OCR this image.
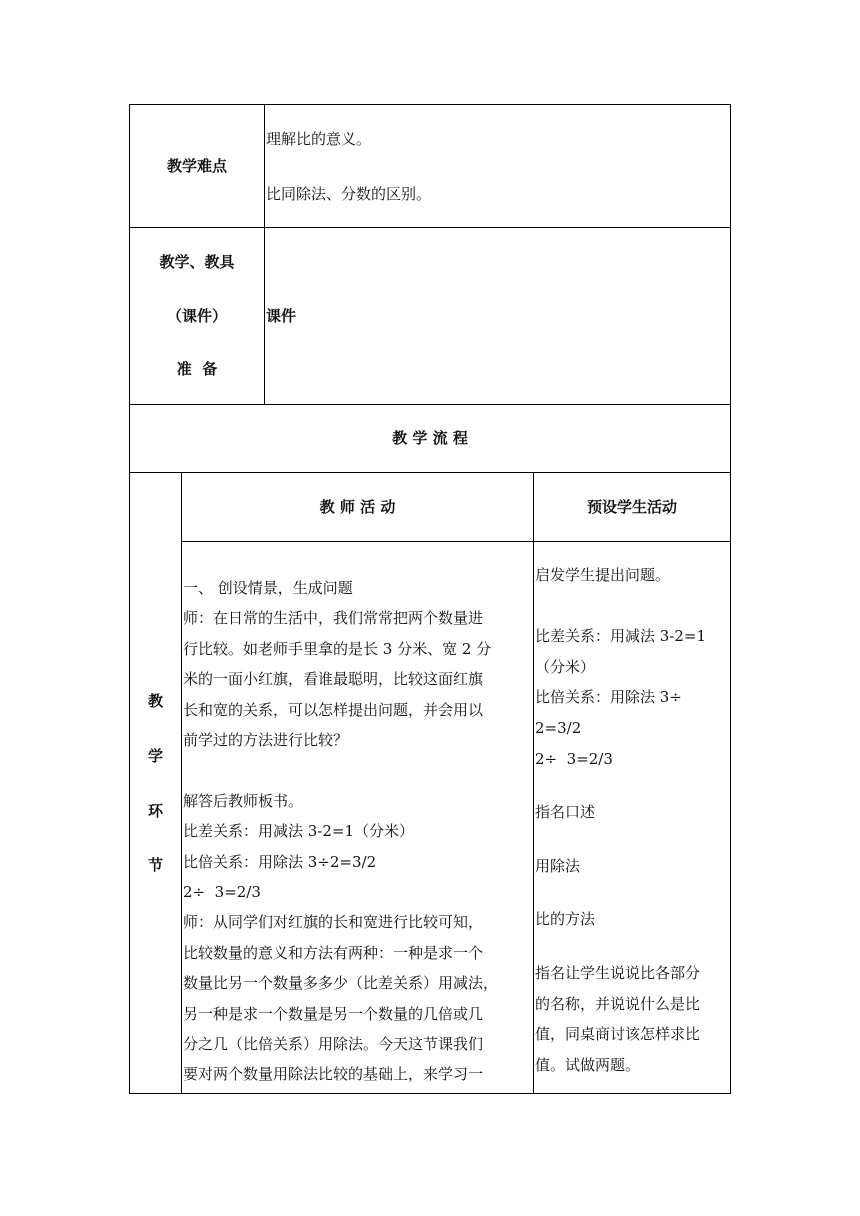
教学难点
理解比的意义。
比同除法、分数的区别。
教学、教具
（课件）
准  备
课件
教 学 流 程
教
学
环
节
教 师 活 动	预设学生活动
一、 创设情景，生成问题
师：在日常的生活中，我们常常把两个数量进
行比较。如老师手里拿的是长 3 分米、宽 2 分
米的一面小红旗，看谁最聪明，比较这面红旗
长和宽的关系，可以怎样提出问题，并会用以
前学过的方法进行比较？
解答后教师板书。
比差关系：用减法 3-2=1（分米）
比倍关系：用除法 3÷2=3/2
2÷  3=2/3
师：从同学们对红旗的长和宽进行比较可知，
比较数量的意义和方法有两种：一种是求一个
数量比另一个数量多多少（比差关系）用减法，
另一种是求一个数量是另一个数量的几倍或几
分之几（比倍关系）用除法。今天这节课我们
要对两个数量用除法比较的基础上，来学习一
启发学生提出问题。
比差关系：用减法 3-2=1
（分米）
比倍关系：用除法 3÷
2=3/2
2÷  3=2/3
指名口述
用除法
比的方法
指名让学生说说比各部分
的名称，并说说什么是比
值，同桌商讨该怎样求比
值。试做两题。
